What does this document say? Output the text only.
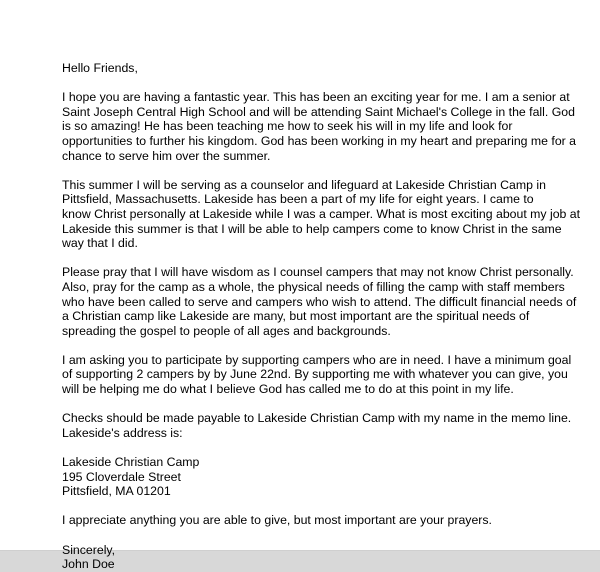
Hello Friends,

I hope you are having a fantastic year. This has been an exciting year for me. I am a senior at
Saint Joseph Central High School and will be attending Saint Michael's College in the fall. God
is so amazing! He has been teaching me how to seek his will in my life and look for
opportunities to further his kingdom. God has been working in my heart and preparing me for a
chance to serve him over the summer.

This summer I will be serving as a counselor and lifeguard at Lakeside Christian Camp in
Pittsfield, Massachusetts. Lakeside has been a part of my life for eight years. I came to
know Christ personally at Lakeside while I was a camper. What is most exciting about my job at
Lakeside this summer is that I will be able to help campers come to know Christ in the same
way that I did.

Please pray that I will have wisdom as I counsel campers that may not know Christ personally.
Also, pray for the camp as a whole, the physical needs of filling the camp with staff members
who have been called to serve and campers who wish to attend. The difficult financial needs of
a Christian camp like Lakeside are many, but most important are the spiritual needs of
spreading the gospel to people of all ages and backgrounds.

I am asking you to participate by supporting campers who are in need. I have a minimum goal
of supporting 2 campers by by June 22nd. By supporting me with whatever you can give, you
will be helping me do what I believe God has called me to do at this point in my life.

Checks should be made payable to Lakeside Christian Camp with my name in the memo line.
Lakeside's address is:

Lakeside Christian Camp
195 Cloverdale Street
Pittsfield, MA 01201

I appreciate anything you are able to give, but most important are your prayers.

Sincerely,
John Doe
